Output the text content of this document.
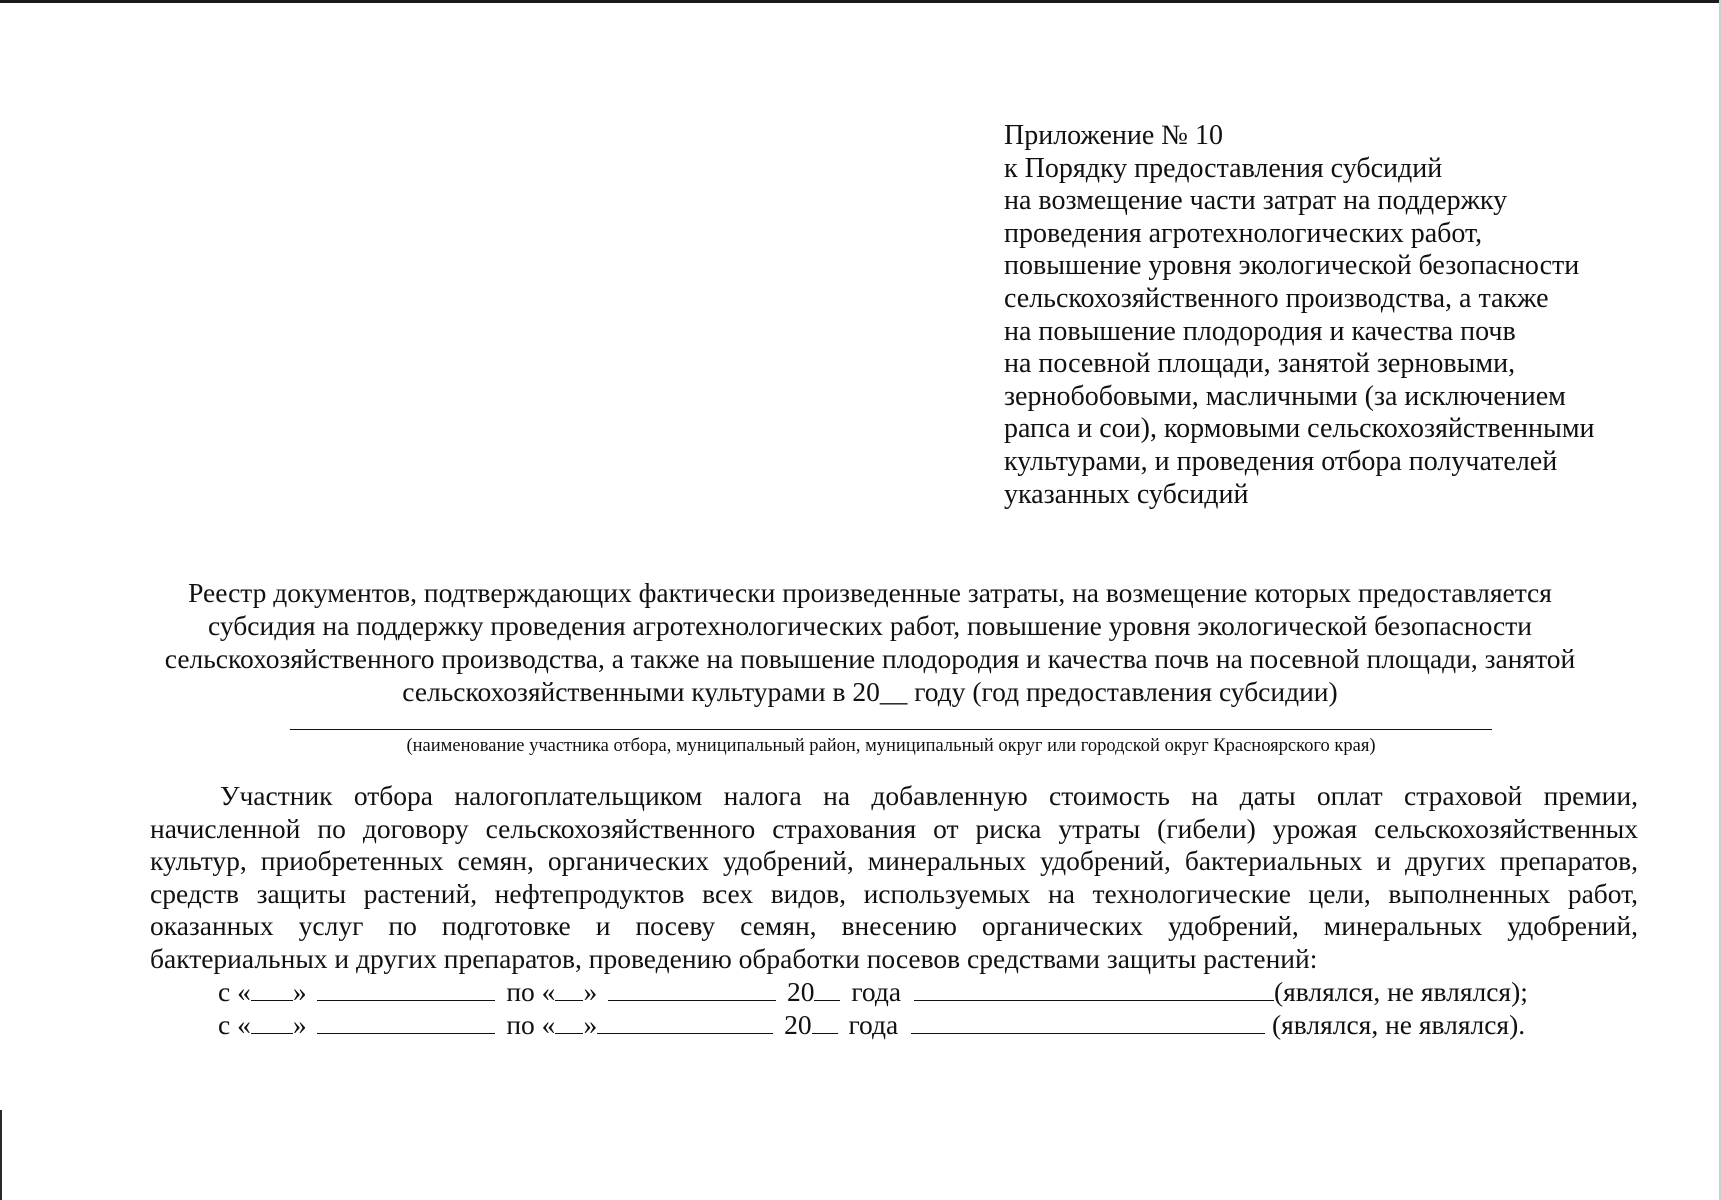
Приложение № 10
к Порядку предоставления субсидий
на возмещение части затрат на поддержку
проведения агротехнологических работ,
повышение уровня экологической безопасности
сельскохозяйственного производства, а также
на повышение плодородия и качества почв
на посевной площади, занятой зерновыми,
зернобобовыми, масличными (за исключением
рапса и сои), кормовыми сельскохозяйственными
культурами, и проведения отбора получателей
указанных субсидий
Реестр документов, подтверждающих фактически произведенные затраты, на возмещение которых предоставляется
субсидия на поддержку проведения агротехнологических работ, повышение уровня экологической безопасности
сельскохозяйственного производства, а также на повышение плодородия и качества почв на посевной площади, занятой
сельскохозяйственными культурами в 20__ году (год предоставления субсидии)
(наименование участника отбора, муниципальный район, муниципальный округ или городской округ Красноярского края)
Участник отбора налогоплательщиком налога на добавленную стоимость на даты оплат страховой премии,
начисленной по договору сельскохозяйственного страхования от риска утраты (гибели) урожая сельскохозяйственных
культур, приобретенных семян, органических удобрений, минеральных удобрений, бактериальных и других препаратов,
средств защиты растений, нефтепродуктов всех видов, используемых на технологические цели, выполненных работ,
оказанных услуг по подготовке и посеву семян, внесению органических удобрений, минеральных удобрений,
бактериальных и других препаратов, проведению обработки посевов средствами защиты растений:
с « »	по « »	20 года	(являлся, не являлся);
с « »	по « »	20 года	(являлся, не являлся).
